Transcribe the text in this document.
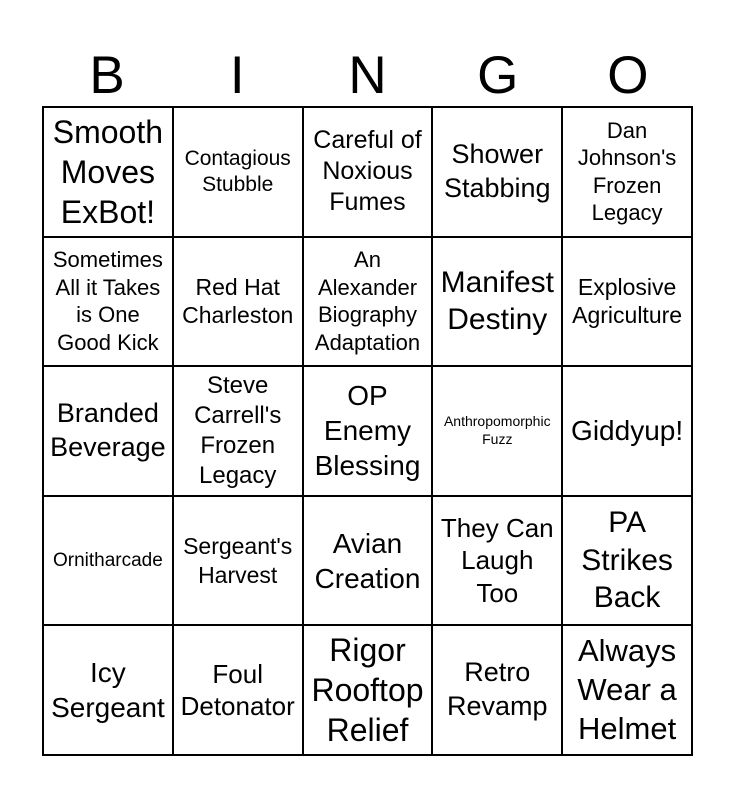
B I N G O
Smooth Moves ExBot!
Contagious Stubble
Careful of Noxious Fumes
Shower Stabbing
Dan Johnson's Frozen Legacy
Sometimes All it Takes is One Good Kick
Red Hat Charleston
An Alexander Biography Adaptation
Manifest Destiny
Explosive Agriculture
Branded Beverage
Steve Carrell's Frozen Legacy
OP Enemy Blessing
Anthropomorphic Fuzz	Giddyup!
Ornitharcade
Sergeant's Harvest
Avian Creation
They Can Laugh Too
PA Strikes Back
Icy Sergeant
Foul Detonator
Rigor Rooftop Relief
Retro Revamp
Always Wear a Helmet
